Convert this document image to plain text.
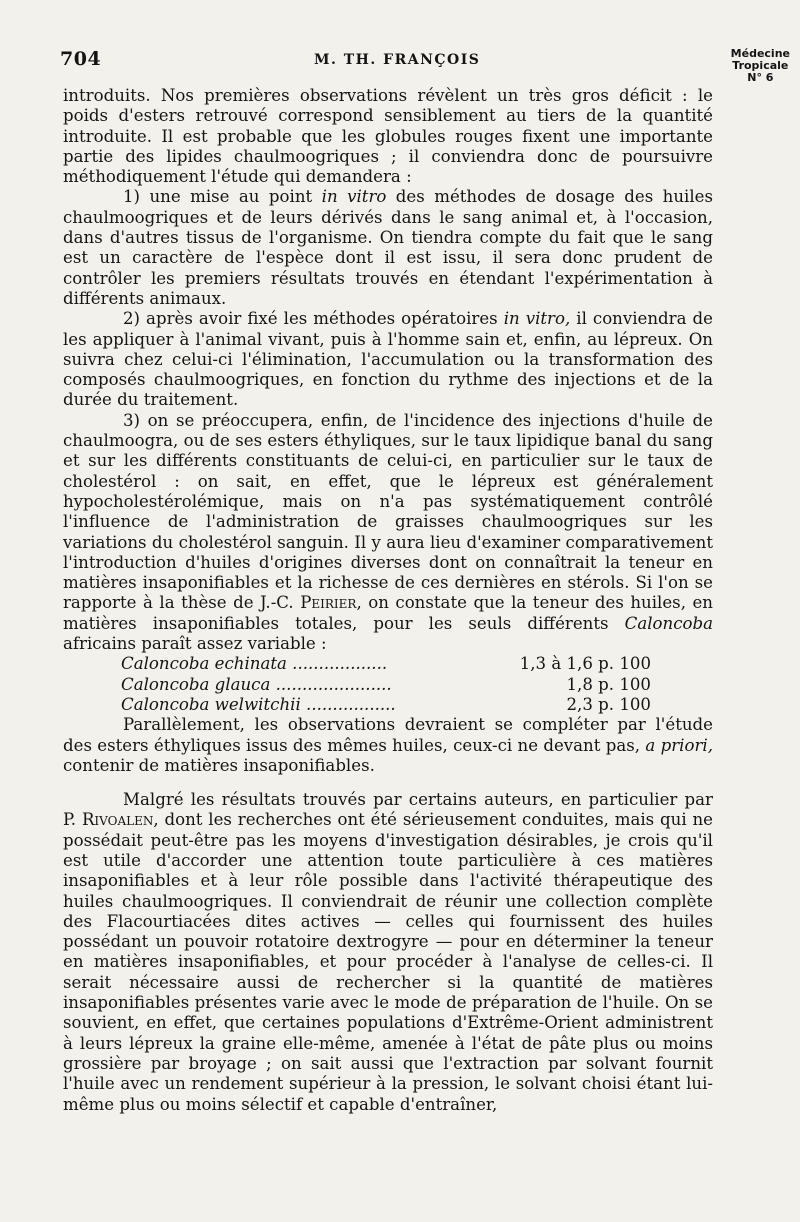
704	M. TH. FRANÇOIS	Médecine
Tropicale
N° 6

introduits. Nos premières observations révèlent un très gros déficit : le poids d'esters retrouvé correspond sensiblement au tiers de la quantité introduite. Il est probable que les globules rouges fixent une importante partie des lipides chaulmoogriques ; il conviendra donc de poursuivre méthodiquement l'étude qui demandera :

1) une mise au point in vitro des méthodes de dosage des huiles chaulmoogriques et de leurs dérivés dans le sang animal et, à l'occasion, dans d'autres tissus de l'organisme. On tiendra compte du fait que le sang est un caractère de l'espèce dont il est issu, il sera donc prudent de contrôler les premiers résultats trouvés en étendant l'expérimentation à différents animaux.

2) après avoir fixé les méthodes opératoires in vitro, il conviendra de les appliquer à l'animal vivant, puis à l'homme sain et, enfin, au lépreux. On suivra chez celui-ci l'élimination, l'accumulation ou la transformation des composés chaulmoogriques, en fonction du rythme des injections et de la durée du traitement.

3) on se préoccupera, enfin, de l'incidence des injections d'huile de chaulmoogra, ou de ses esters éthyliques, sur le taux lipidique banal du sang et sur les différents constituants de celui-ci, en particulier sur le taux de cholestérol : on sait, en effet, que le lépreux est généralement hypocholestérolémique, mais on n'a pas systématiquement contrôlé l'influence de l'administration de graisses chaulmoogriques sur les variations du cholestérol sanguin. Il y aura lieu d'examiner comparativement l'introduction d'huiles d'origines diverses dont on connaîtrait la teneur en matières insaponifiables et la richesse de ces dernières en stérols. Si l'on se rapporte à la thèse de J.-C. Peirier, on constate que la teneur des huiles, en matières insaponifiables totales, pour les seuls différents Caloncoba africains paraît assez variable :

Caloncoba echinata ..................	1,3 à 1,6 p. 100
Caloncoba glauca ......................	1,8 p. 100
Caloncoba welwitchii .................	2,3 p. 100

Parallèlement, les observations devraient se compléter par l'étude des esters éthyliques issus des mêmes huiles, ceux-ci ne devant pas, a priori, contenir de matières insaponifiables.

Malgré les résultats trouvés par certains auteurs, en particulier par P. Rivoalen, dont les recherches ont été sérieusement conduites, mais qui ne possédait peut-être pas les moyens d'investigation désirables, je crois qu'il est utile d'accorder une attention toute particulière à ces matières insaponifiables et à leur rôle possible dans l'activité thérapeutique des huiles chaulmoogriques. Il conviendrait de réunir une collection complète des Flacourtiacées dites actives — celles qui fournissent des huiles possédant un pouvoir rotatoire dextrogyre — pour en déterminer la teneur en matières insaponifiables, et pour procéder à l'analyse de celles-ci. Il serait nécessaire aussi de rechercher si la quantité de matières insaponifiables présentes varie avec le mode de préparation de l'huile. On se souvient, en effet, que certaines populations d'Extrême-Orient administrent à leurs lépreux la graine elle-même, amenée à l'état de pâte plus ou moins grossière par broyage ; on sait aussi que l'extraction par solvant fournit l'huile avec un rendement supérieur à la pression, le solvant choisi étant lui-même plus ou moins sélectif et capable d'entraîner,
